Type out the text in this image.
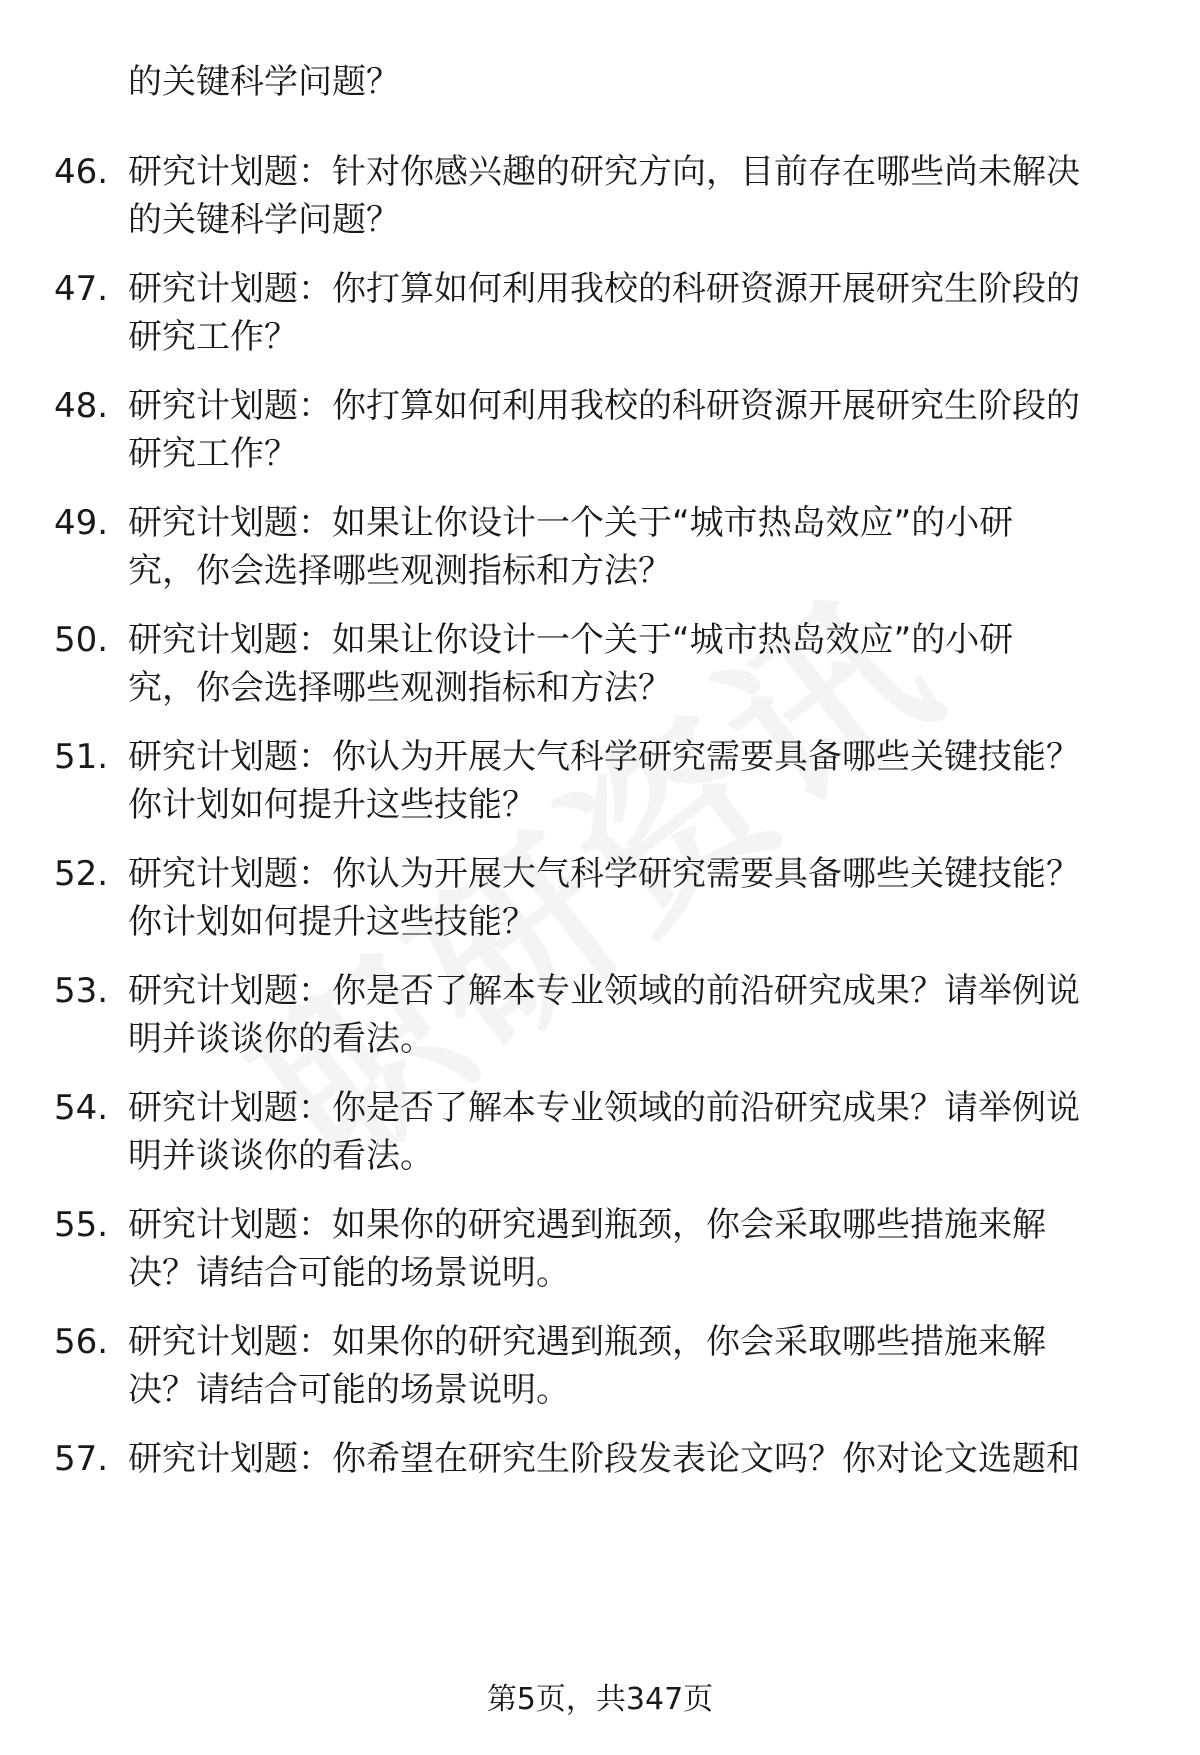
的关键科学问题？
46. 研究计划题：针对你感兴趣的研究方向，目前存在哪些尚未解决
的关键科学问题？
47. 研究计划题：你打算如何利用我校的科研资源开展研究生阶段的
研究工作？
48. 研究计划题：你打算如何利用我校的科研资源开展研究生阶段的
研究工作？
49. 研究计划题：如果让你设计一个关于“城市热岛效应”的小研
究，你会选择哪些观测指标和方法？
50. 研究计划题：如果让你设计一个关于“城市热岛效应”的小研
究，你会选择哪些观测指标和方法？
51. 研究计划题：你认为开展大气科学研究需要具备哪些关键技能？
你计划如何提升这些技能？
52. 研究计划题：你认为开展大气科学研究需要具备哪些关键技能？
你计划如何提升这些技能？
53. 研究计划题：你是否了解本专业领域的前沿研究成果？请举例说
明并谈谈你的看法。
54. 研究计划题：你是否了解本专业领域的前沿研究成果？请举例说
明并谈谈你的看法。
55. 研究计划题：如果你的研究遇到瓶颈，你会采取哪些措施来解
决？请结合可能的场景说明。
56. 研究计划题：如果你的研究遇到瓶颈，你会采取哪些措施来解
决？请结合可能的场景说明。
57. 研究计划题：你希望在研究生阶段发表论文吗？你对论文选题和
第5页，共347页
